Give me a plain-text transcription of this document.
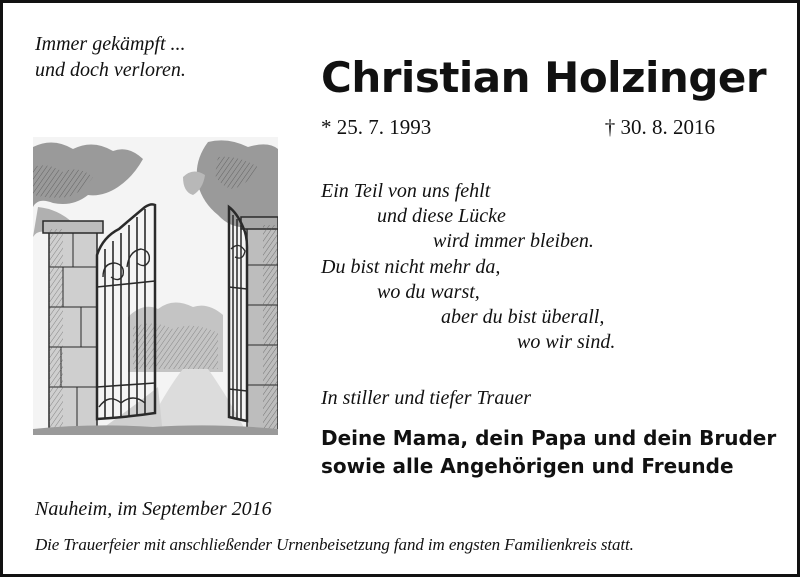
Immer gekämpft ...
und doch verloren.	Christian Holzinger
* 25. 7. 1993	† 30. 8. 2016
Ein Teil von uns fehlt
und diese Lücke
wird immer bleiben.
Du bist nicht mehr da,
wo du warst,
aber du bist überall,
wo wir sind.
In stiller und tiefer Trauer
Deine Mama, dein Papa und dein Bruder
sowie alle Angehörigen und Freunde
Nauheim, im September 2016
Die Trauerfeier mit anschließender Urnenbeisetzung fand im engsten Familienkreis statt.
